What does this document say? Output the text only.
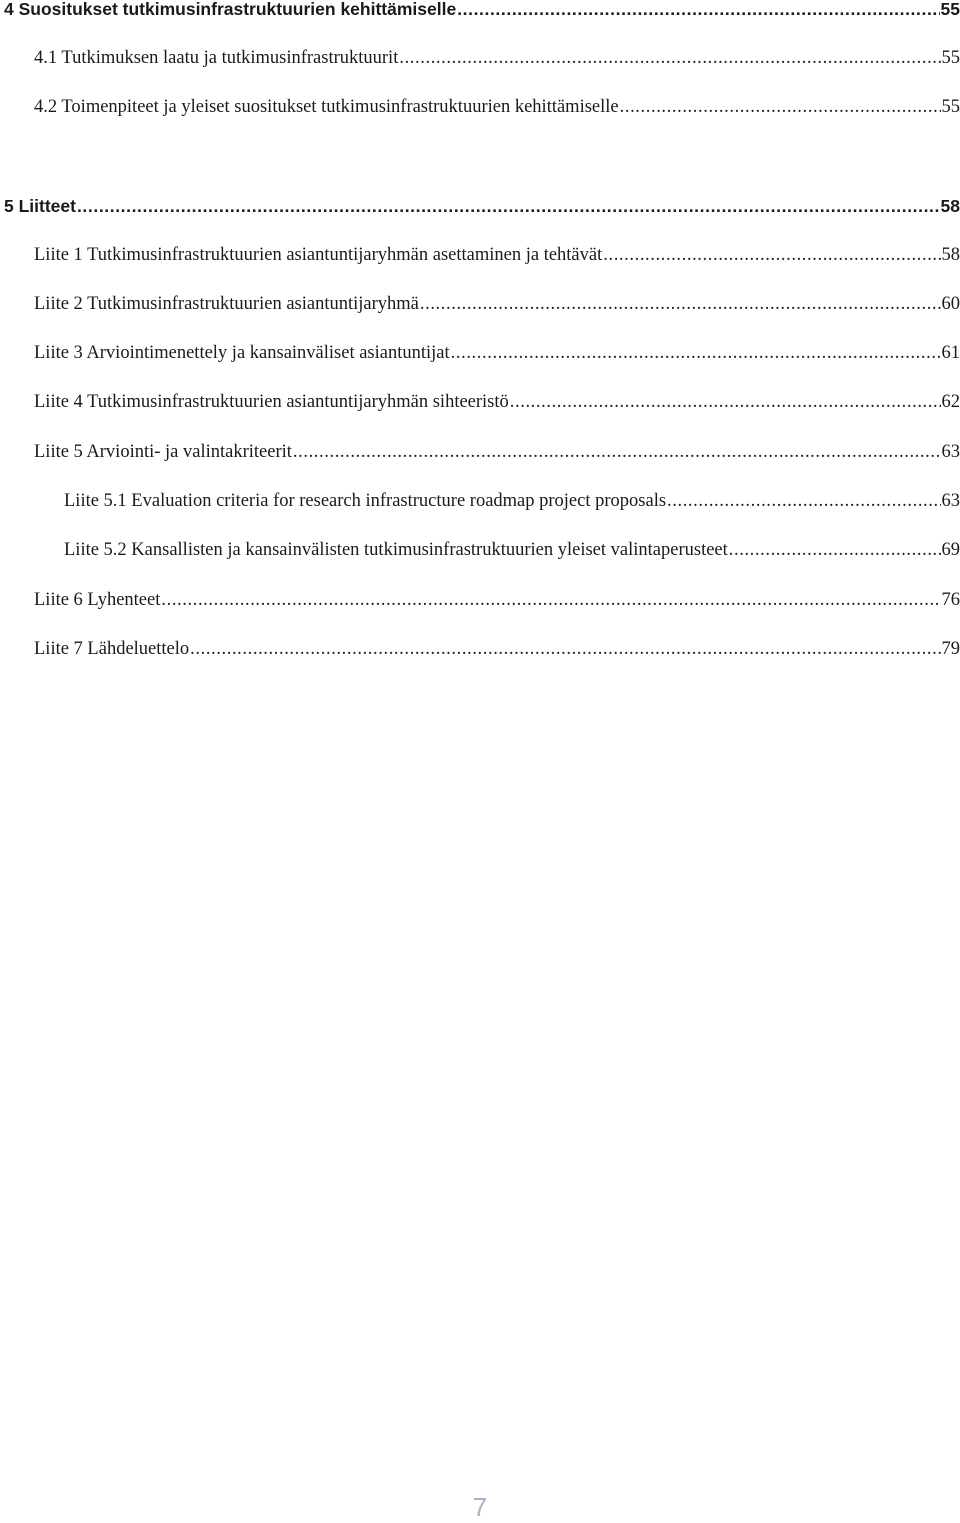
4 Suositukset tutkimusinfrastruktuurien kehittämiselle .....	55
4.1 Tutkimuksen laatu ja tutkimusinfrastruktuurit .....	55
4.2 Toimenpiteet ja yleiset suositukset tutkimusinfrastruktuurien kehittämiselle .....	55
5 Liitteet .....	58
Liite 1 Tutkimusinfrastruktuurien asiantuntijaryhmän asettaminen ja tehtävät .....	58
Liite 2 Tutkimusinfrastruktuurien asiantuntijaryhmä .....	60
Liite 3 Arviointimenettely ja kansainväliset asiantuntijat .....	61
Liite 4 Tutkimusinfrastruktuurien asiantuntijaryhmän sihteeristö .....	62
Liite 5 Arviointi- ja valintakriteerit .....	63
Liite 5.1 Evaluation criteria for research infrastructure roadmap project proposals .....	63
Liite 5.2 Kansallisten ja kansainvälisten tutkimusinfrastruktuurien yleiset valintaperusteet .....	69
Liite 6 Lyhenteet .....	76
Liite 7 Lähdeluettelo .....	79
7
